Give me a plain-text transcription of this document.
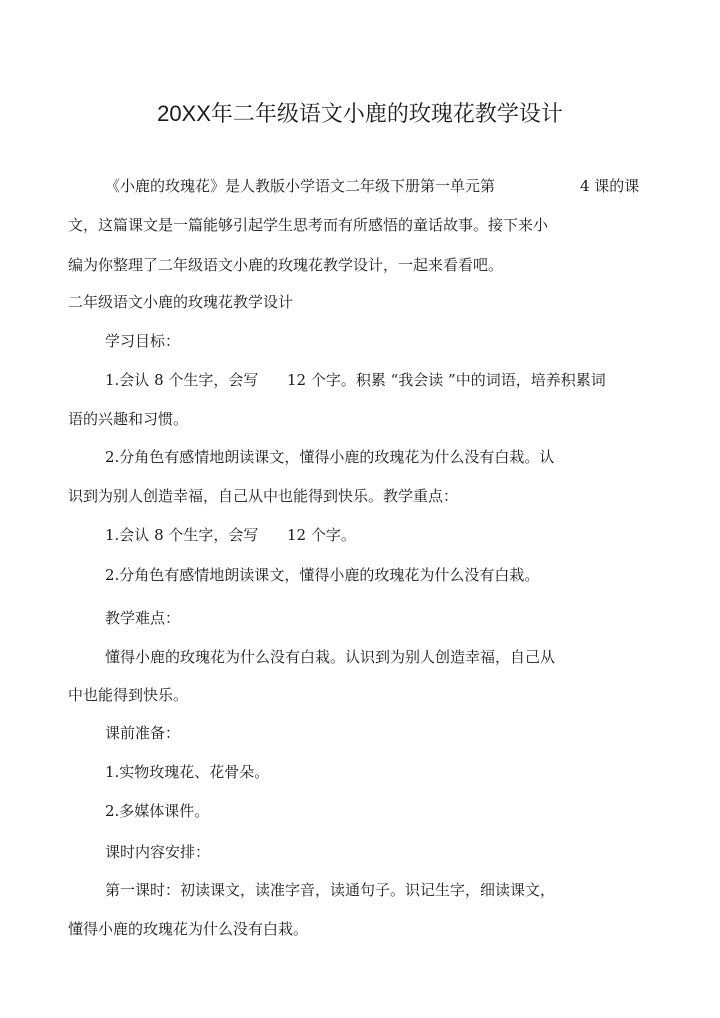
20XX年二年级语文小鹿的玫瑰花教学设计
《小鹿的玫瑰花》是人教版小学语文二年级下册第一单元第	4 课的课
文，这篇课文是一篇能够引起学生思考而有所感悟的童话故事。接下来小
编为你整理了二年级语文小鹿的玫瑰花教学设计，一起来看看吧。
二年级语文小鹿的玫瑰花教学设计
学习目标：
1.会认 8 个生字，会写 12 个字。积累 “我会读 ”中的词语，培养积累词
语的兴趣和习惯。
2.分角色有感情地朗读课文，懂得小鹿的玫瑰花为什么没有白栽。认
识到为别人创造幸福，自己从中也能得到快乐。教学重点：
1.会认 8 个生字，会写 12 个字。
2.分角色有感情地朗读课文，懂得小鹿的玫瑰花为什么没有白栽。
教学难点：
懂得小鹿的玫瑰花为什么没有白栽。认识到为别人创造幸福，自己从
中也能得到快乐。
课前准备：
1.实物玫瑰花、花骨朵。
2.多媒体课件。
课时内容安排：
第一课时：初读课文，读准字音，读通句子。识记生字，细读课文，
懂得小鹿的玫瑰花为什么没有白栽。
